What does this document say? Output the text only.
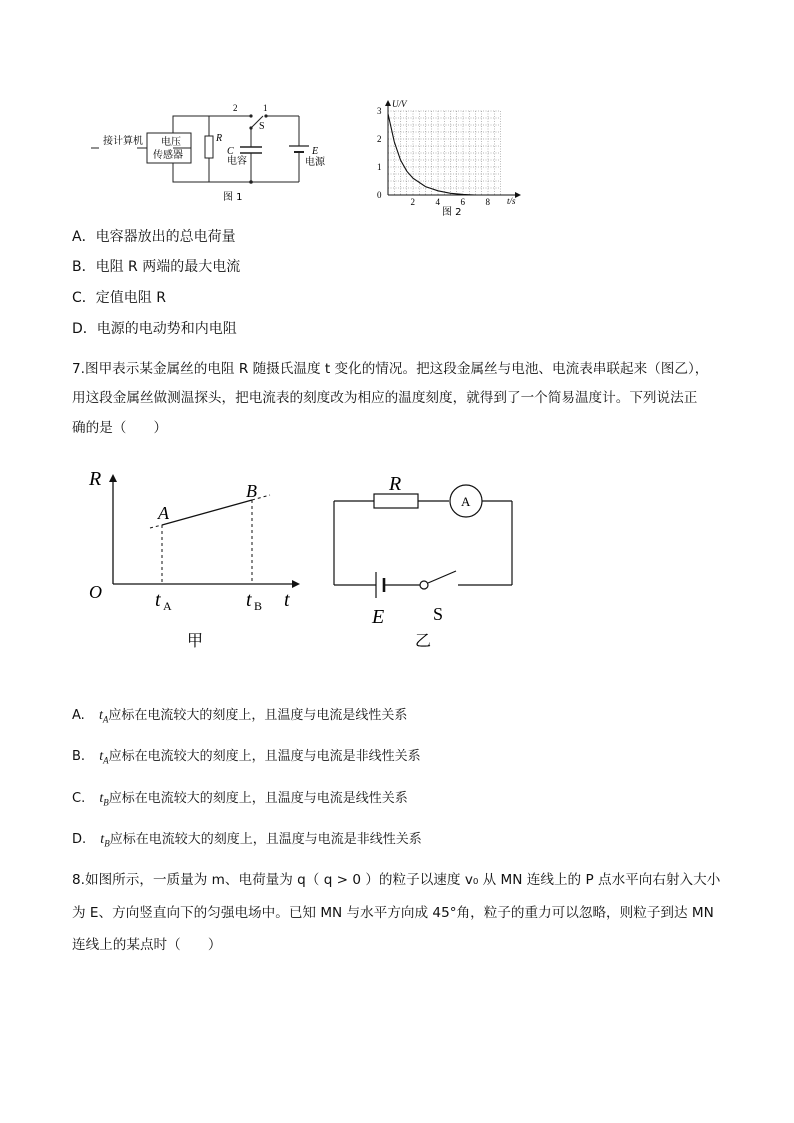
接计算机 电压
传感器
R
2	1
S
C
电容
E
电源
图 1
U/V
t/s
2 4 6 8
0
1
2
3
图 2
A．电容器放出的总电荷量
B．电阻 R 两端的最大电流
C．定值电阻 R
D．电源的电动势和内电阻
7.图甲表示某金属丝的电阻 R 随摄氏温度 t 变化的情况。把这段金属丝与电池、电流表串联起来（图乙），
用这段金属丝做测温探头，把电流表的刻度改为相应的温度刻度，就得到了一个简易温度计。下列说法正
确的是（　　）
R
O	t
A
B
t A	t B
甲
A
R
E	S
乙
A. $t_A$应标在电流较大的刻度上，且温度与电流是线性关系
B. $t_A$应标在电流较大的刻度上，且温度与电流是非线性关系
C. $t_B$应标在电流较大的刻度上，且温度与电流是线性关系
D. $t_B$应标在电流较大的刻度上，且温度与电流是非线性关系
8.如图所示，一质量为 m、电荷量为 q（ q > 0 ）的粒子以速度 v₀ 从 MN 连线上的 P 点水平向右射入大小
为 E、方向竖直向下的匀强电场中。已知 MN 与水平方向成 45°角，粒子的重力可以忽略，则粒子到达 MN
连线上的某点时（　　）
